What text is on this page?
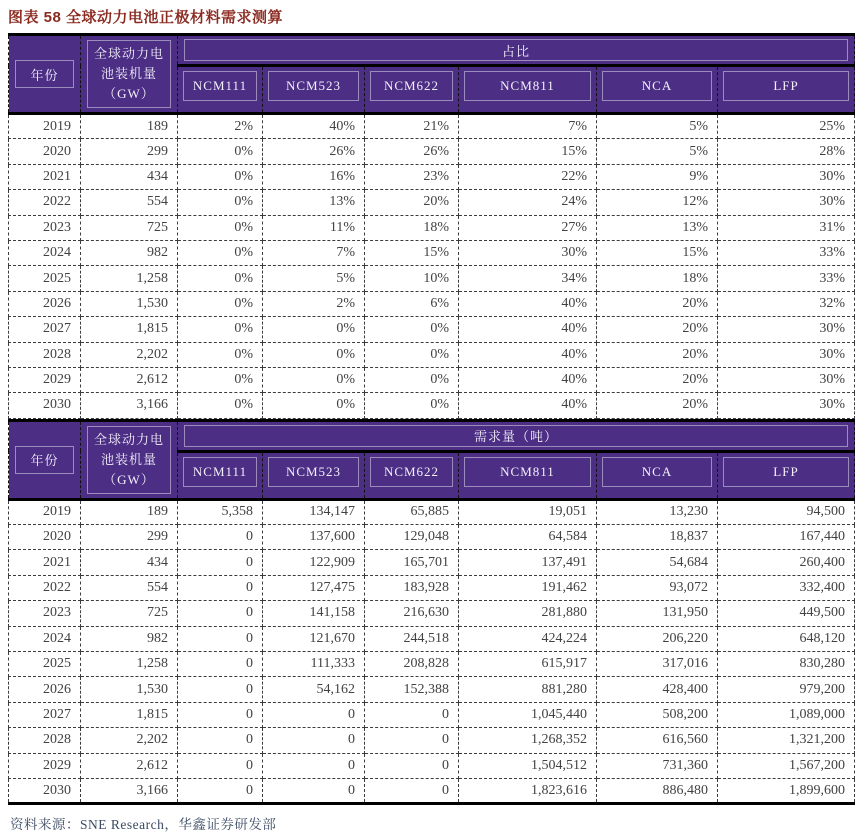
图表 58 全球动力电池正极材料需求测算
年份	全球动力电
池装机量
（GW）	占比					

NCM111	NCM523	NCM622	NCM811	NCA	LFP

2019	189	2%	40%	21%	7%	5%	25%
2020	299	0%	26%	26%	15%	5%	28%
2021	434	0%	16%	23%	22%	9%	30%
2022	554	0%	13%	20%	24%	12%	30%
2023	725	0%	11%	18%	27%	13%	31%
2024	982	0%	7%	15%	30%	15%	33%
2025	1,258	0%	5%	10%	34%	18%	33%
2026	1,530	0%	2%	6%	40%	20%	32%
2027	1,815	0%	0%	0%	40%	20%	30%
2028	2,202	0%	0%	0%	40%	20%	30%
2029	2,612	0%	0%	0%	40%	20%	30%
2030	3,166	0%	0%	0%	40%	20%	30%
年份	全球动力电
池装机量
（GW）	需求量（吨）					

NCM111	NCM523	NCM622	NCM811	NCA	LFP

2019	189	5,358	134,147	65,885	19,051	13,230	94,500
2020	299	0	137,600	129,048	64,584	18,837	167,440
2021	434	0	122,909	165,701	137,491	54,684	260,400
2022	554	0	127,475	183,928	191,462	93,072	332,400
2023	725	0	141,158	216,630	281,880	131,950	449,500
2024	982	0	121,670	244,518	424,224	206,220	648,120
2025	1,258	0	111,333	208,828	615,917	317,016	830,280
2026	1,530	0	54,162	152,388	881,280	428,400	979,200
2027	1,815	0	0	0	1,045,440	508,200	1,089,000
2028	2,202	0	0	0	1,268,352	616,560	1,321,200
2029	2,612	0	0	0	1,504,512	731,360	1,567,200
2030	3,166	0	0	0	1,823,616	886,480	1,899,600
资料来源：SNE Research，华鑫证券研发部
